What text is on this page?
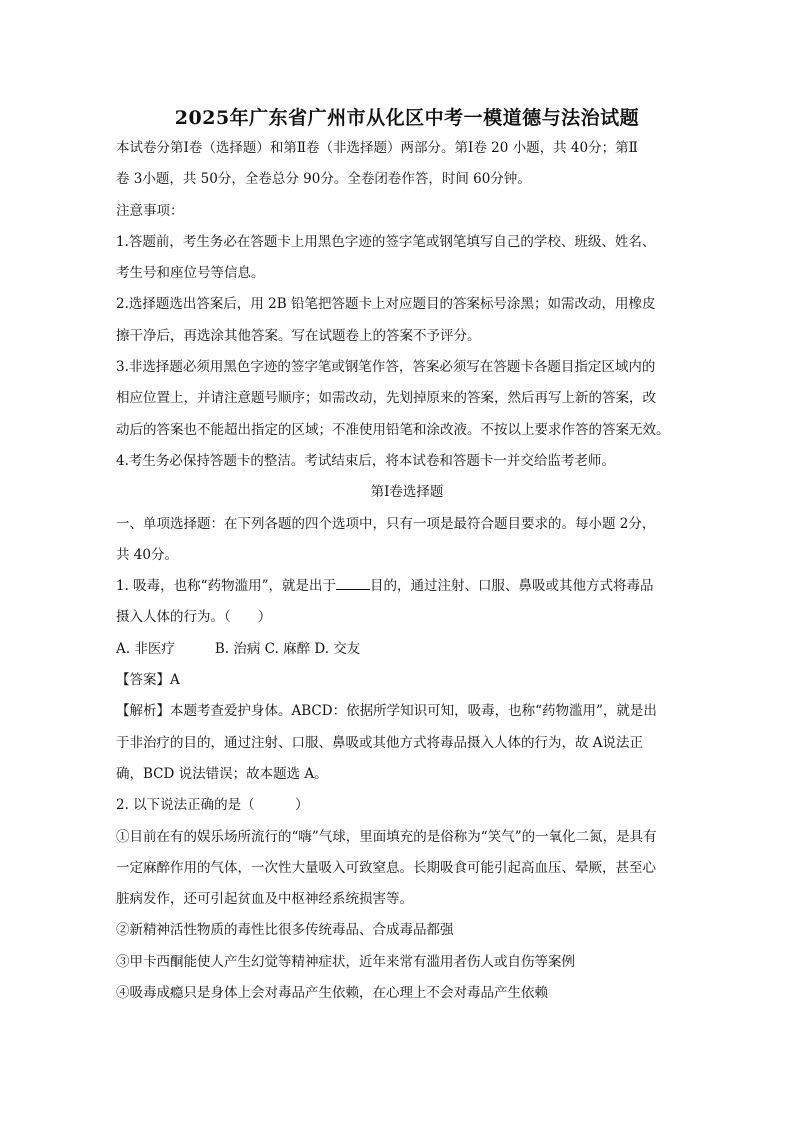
2025年广东省广州市从化区中考一模道德与法治试题

本试卷分第Ⅰ卷（选择题）和第Ⅱ卷（非选择题）两部分。第Ⅰ卷 20 小题，共 40分；第Ⅱ

卷 3小题，共 50分，全卷总分 90分。全卷闭卷作答，时间 60分钟。

注意事项：

1.答题前，考生务必在答题卡上用黑色字迹的签字笔或钢笔填写自己的学校、班级、姓名、

考生号和座位号等信息。

2.选择题选出答案后，用 2B 铅笔把答题卡上对应题目的答案标号涂黑；如需改动，用橡皮

擦干净后，再选涂其他答案。写在试题卷上的答案不予评分。

3.非选择题必须用黑色字迹的签字笔或钢笔作答，答案必须写在答题卡各题目指定区域内的

相应位置上，并请注意题号顺序；如需改动，先划掉原来的答案，然后再写上新的答案，改

动后的答案也不能超出指定的区域；不准使用铅笔和涂改液。不按以上要求作答的答案无效。

4.考生务必保持答题卡的整洁。考试结束后，将本试卷和答题卡一并交给监考老师。

第Ⅰ卷选择题

一、单项选择题：在下列各题的四个选项中，只有一项是最符合题目要求的。每小题 2分，

共 40分。

1. 吸毒，也称“药物滥用”，就是出于	目的，通过注射、口服、鼻吸或其他方式将毒品

摄入人体的行为。（　　）

A. 非医疗	B. 治病 C. 麻醉 D. 交友

【答案】A

【解析】本题考查爱护身体。ABCD：依据所学知识可知，吸毒，也称“药物滥用”，就是出

于非治疗的目的，通过注射、口服、鼻吸或其他方式将毒品摄入人体的行为，故 A说法正

确，BCD 说法错误；故本题选 A。

2. 以下说法正确的是（　　　）

①目前在有的娱乐场所流行的“嗨”气球，里面填充的是俗称为“笑气”的一氧化二氮，是具有

一定麻醉作用的气体，一次性大量吸入可致窒息。长期吸食可能引起高血压、晕厥，甚至心

脏病发作，还可引起贫血及中枢神经系统损害等。

②新精神活性物质的毒性比很多传统毒品、合成毒品都强

③甲卡西酮能使人产生幻觉等精神症状，近年来常有滥用者伤人或自伤等案例

④吸毒成瘾只是身体上会对毒品产生依赖，在心理上不会对毒品产生依赖
